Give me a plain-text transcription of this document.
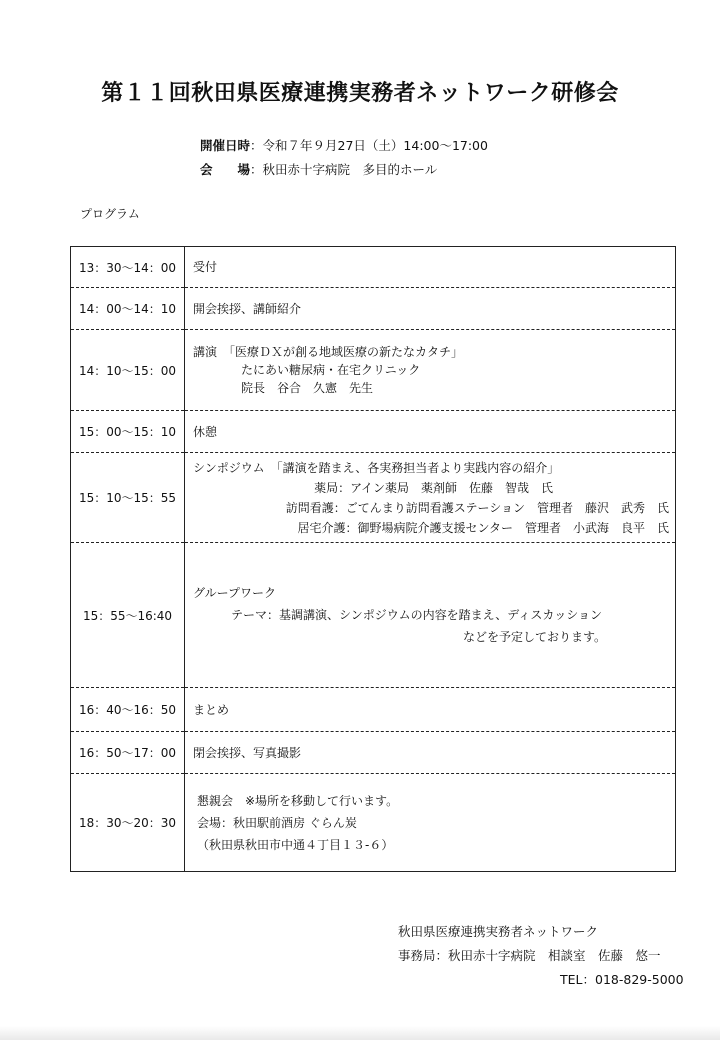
第１１回秋田県医療連携実務者ネットワーク研修会
開催日時：令和７年９月27日（土）14:00～17:00
会　　場：秋田赤十字病院　多目的ホール
プログラム
13：30～14：00	受付

14：00～14：10	開会挨拶、講師紹介

14：10～15：00	講演　「医療ＤＸが創る地域医療の新たなカタチ」
たにあい糖尿病・在宅クリニック
院長　谷合　久憲　先生

15：00～15：10	休憩

15：10～15：55	シンポジウム　「講演を踏まえ、各実務担当者より実践内容の紹介」
薬局：アイン薬局　薬剤師　佐藤　智哉　氏
訪問看護：ごてんまり訪問看護ステーション　管理者　藤沢　武秀　氏
居宅介護：御野場病院介護支援センター　管理者　小武海　良平　氏

15：55～16:40	グループワーク
テーマ：基調講演、シンポジウムの内容を踏まえ、ディスカッション
などを予定しております。

16：40～16：50	まとめ

16：50～17：00	閉会挨拶、写真撮影

18：30～20：30	懇親会　※場所を移動して行います。
会場：秋田駅前酒房 ぐらん炭
（秋田県秋田市中通４丁目１３-６）
秋田県医療連携実務者ネットワーク
事務局：秋田赤十字病院　相談室　佐藤　悠一
TEL：018-829-5000
